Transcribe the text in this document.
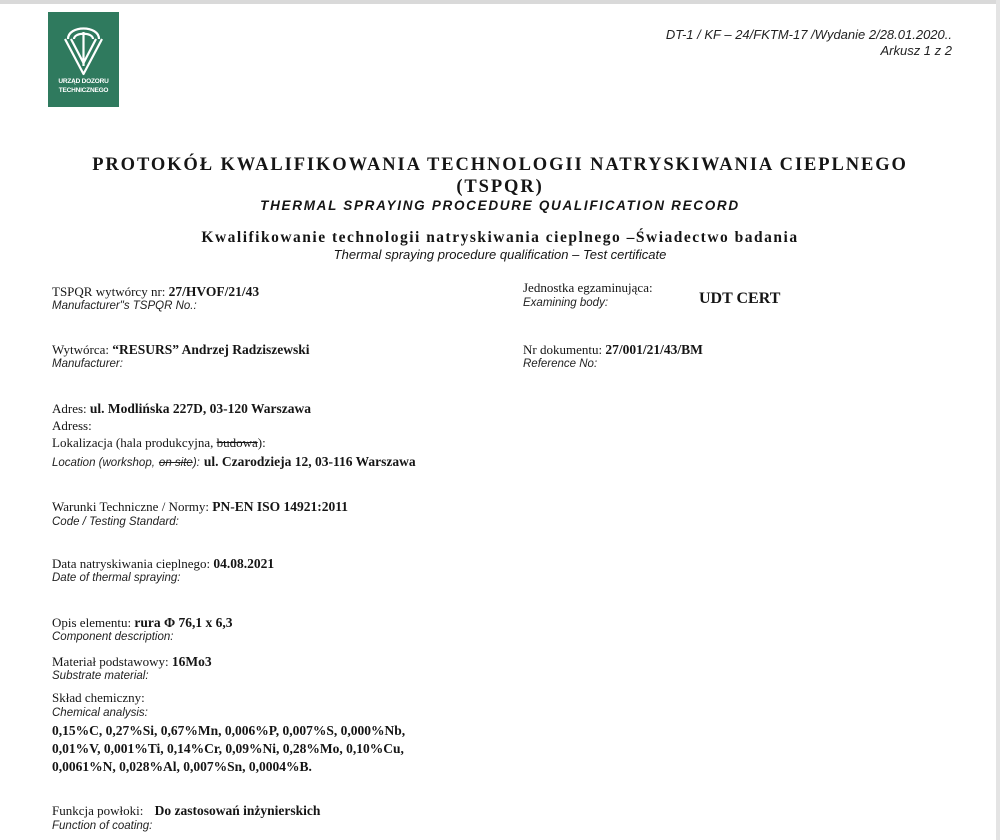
URZĄD DOZORU
TECHNICZNEGO
DT-1 / KF – 24/FKTM-17 /Wydanie 2/28.01.2020..
Arkusz 1 z 2
PROTOKÓŁ KWALIFIKOWANIA TECHNOLOGII NATRYSKIWANIA CIEPLNEGO
(TSPQR)
THERMAL SPRAYING PROCEDURE QUALIFICATION RECORD
Kwalifikowanie technologii natryskiwania cieplnego –Świadectwo badania
Thermal spraying procedure qualification – Test certificate
TSPQR wytwórcy nr: 27/HVOF/21/43
Manufacturer"s TSPQR No.:
Jednostka egzaminująca:
Examining body:	UDT CERT
Wytwórca: “RESURS” Andrzej Radziszewski
Manufacturer:
Nr dokumentu: 27/001/21/43/BM
Reference No:
Adres: ul. Modlińska 227D, 03-120 Warszawa
Adress:
Lokalizacja (hala produkcyjna, budowa):
Location (workshop, on site): ul. Czarodzieja 12, 03-116 Warszawa
Warunki Techniczne / Normy: PN-EN ISO 14921:2011
Code / Testing Standard:
Data natryskiwania cieplnego: 04.08.2021
Date of thermal spraying:
Opis elementu: rura Φ 76,1 x 6,3
Component description:
Materiał podstawowy: 16Mo3
Substrate material:
Skład chemiczny:
Chemical analysis:
0,15%C, 0,27%Si, 0,67%Mn, 0,006%P, 0,007%S, 0,000%Nb,
0,01%V, 0,001%Ti, 0,14%Cr, 0,09%Ni, 0,28%Mo, 0,10%Cu,
0,0061%N, 0,028%Al, 0,007%Sn, 0,0004%B.
Funkcja powłoki: Do zastosowań inżynierskich
Function of coating:
